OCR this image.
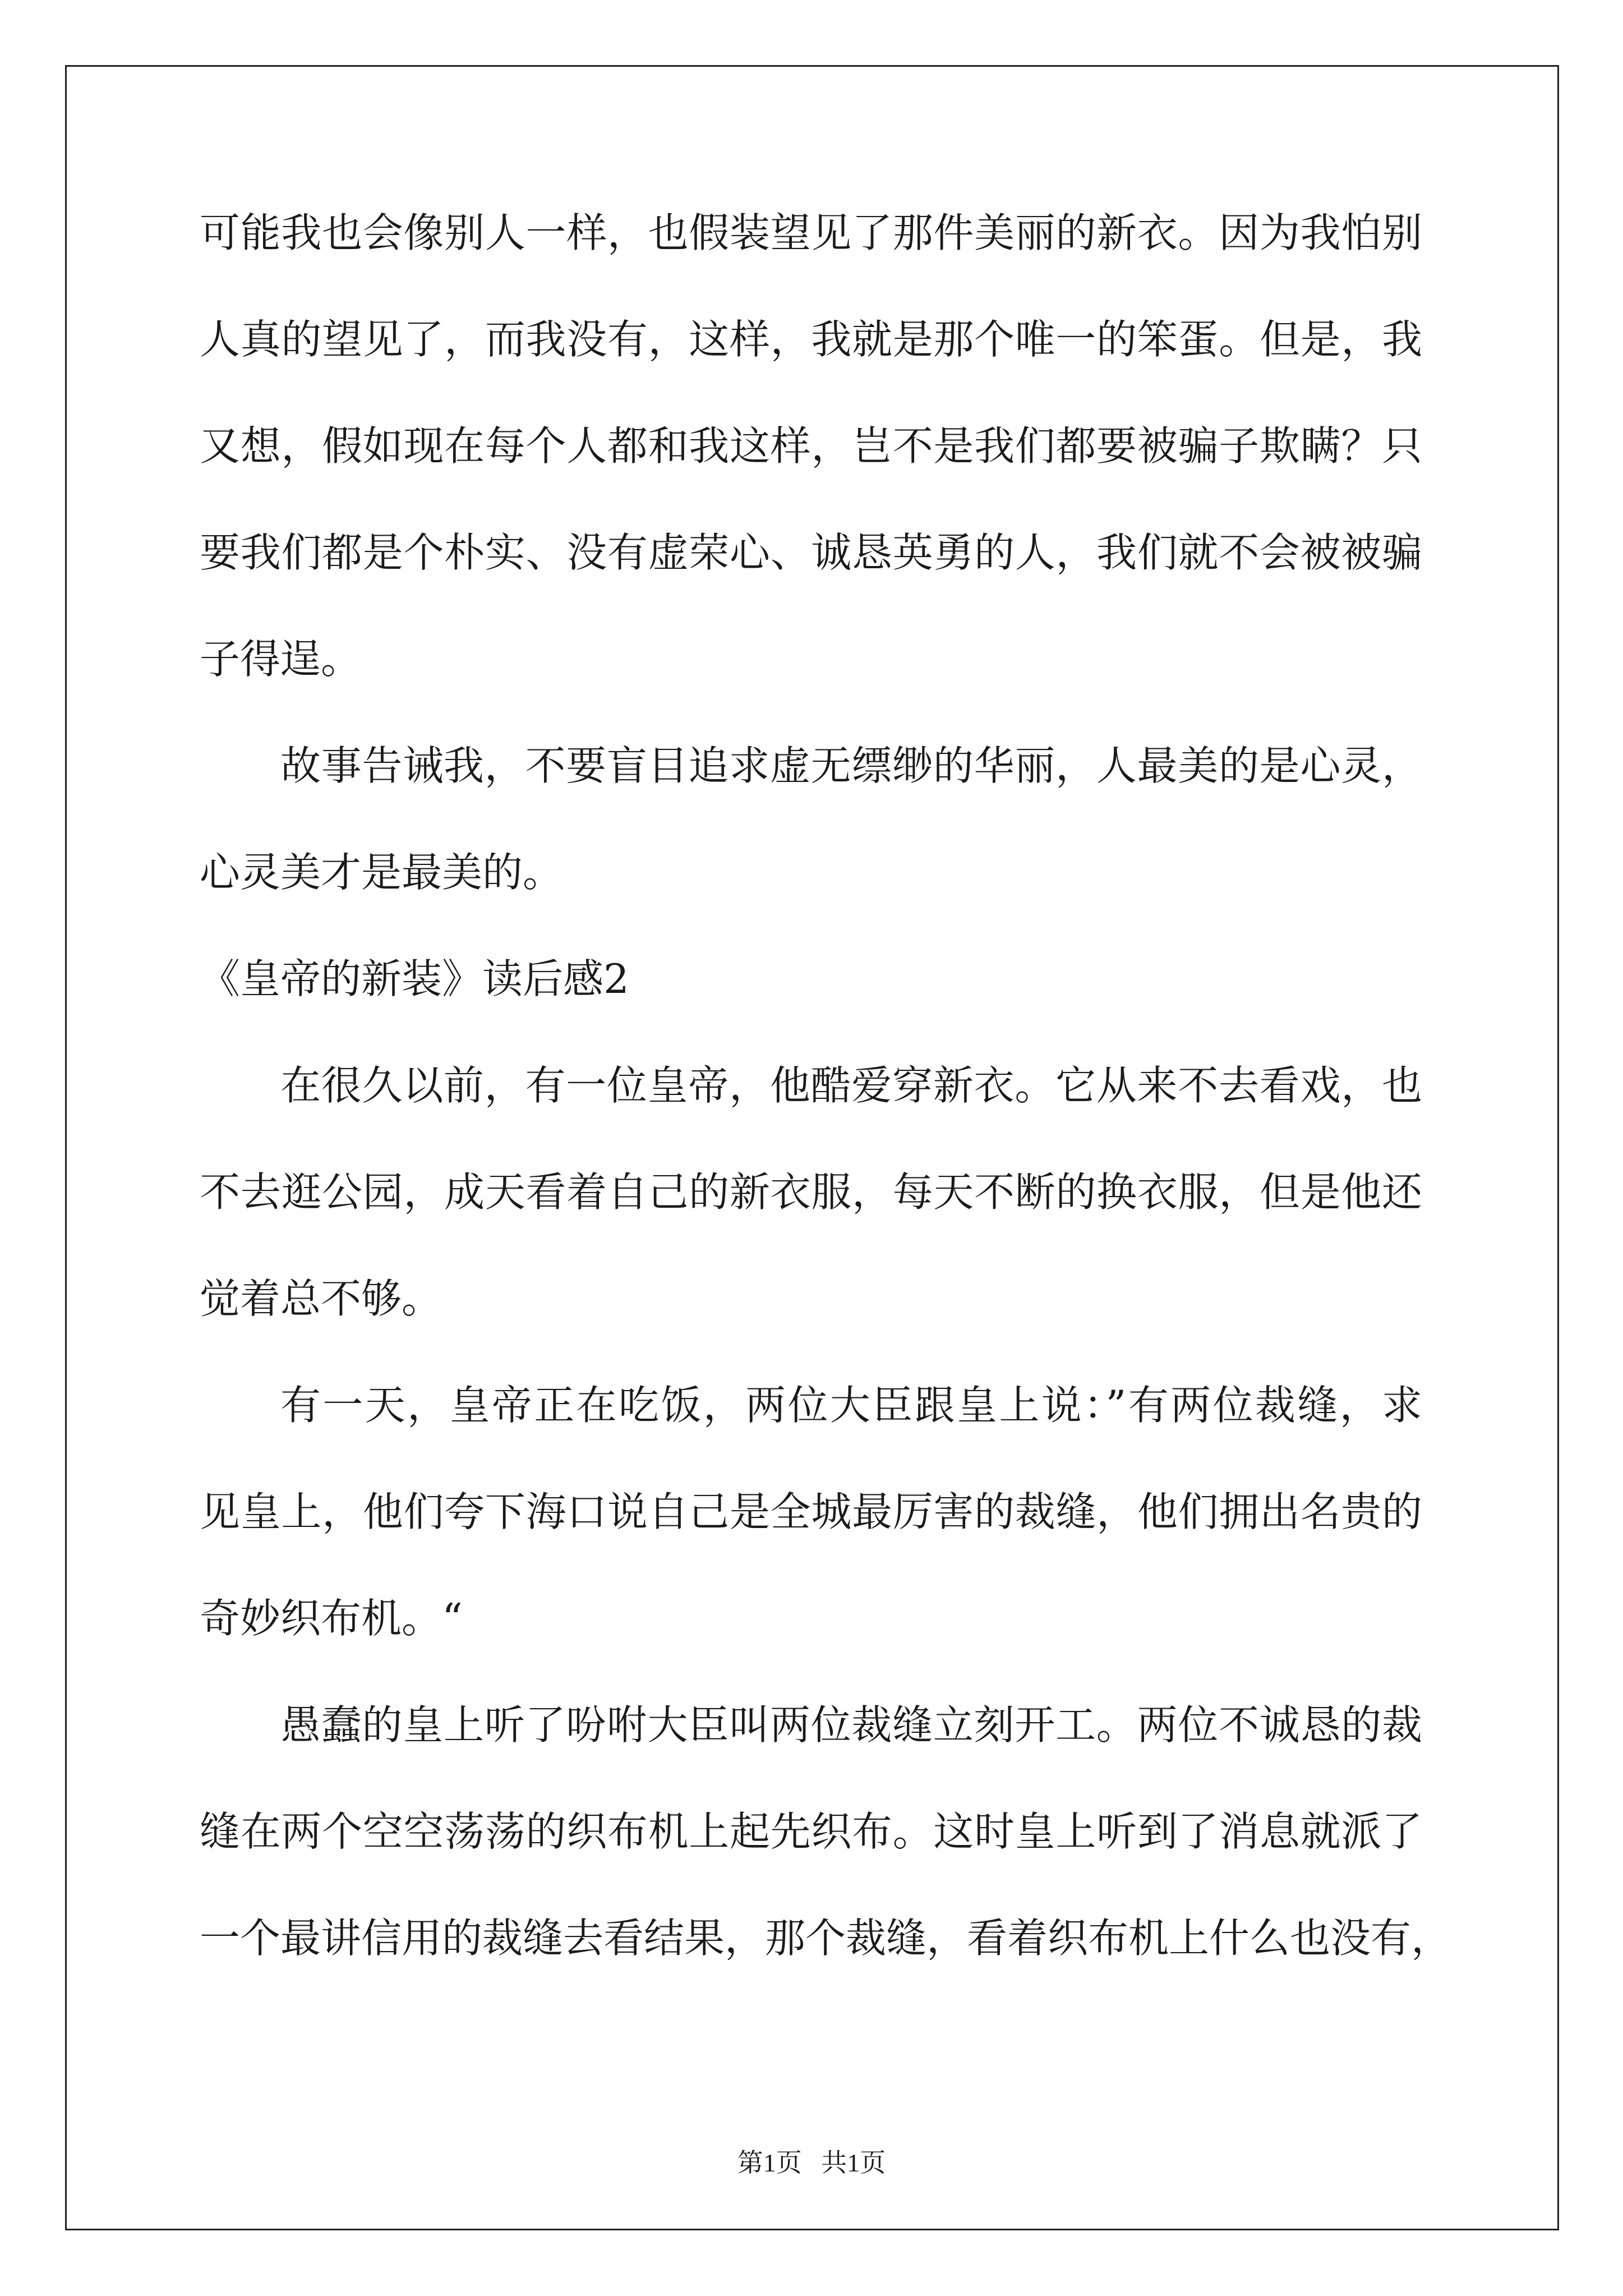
可能我也会像别人一样，也假装望见了那件美丽的新衣。因为我怕别
人真的望见了，而我没有，这样，我就是那个唯一的笨蛋。但是，我
又想，假如现在每个人都和我这样，岂不是我们都要被骗子欺瞒？只
要我们都是个朴实、没有虚荣心、诚恳英勇的人，我们就不会被被骗
子得逞。
故事告诫我，不要盲目追求虚无缥缈的华丽，人最美的是心灵，
心灵美才是最美的。
《皇帝的新装》读后感2
在很久以前，有一位皇帝，他酷爱穿新衣。它从来不去看戏，也
不去逛公园，成天看着自己的新衣服，每天不断的换衣服，但是他还
觉着总不够。
有一天，皇帝正在吃饭，两位大臣跟皇上说：”有两位裁缝，求
见皇上，他们夸下海口说自己是全城最厉害的裁缝，他们拥出名贵的
奇妙织布机。“
愚蠢的皇上听了吩咐大臣叫两位裁缝立刻开工。两位不诚恳的裁
缝在两个空空荡荡的织布机上起先织布。这时皇上听到了消息就派了
一个最讲信用的裁缝去看结果，那个裁缝，看着织布机上什么也没有，
第1页   共1页
